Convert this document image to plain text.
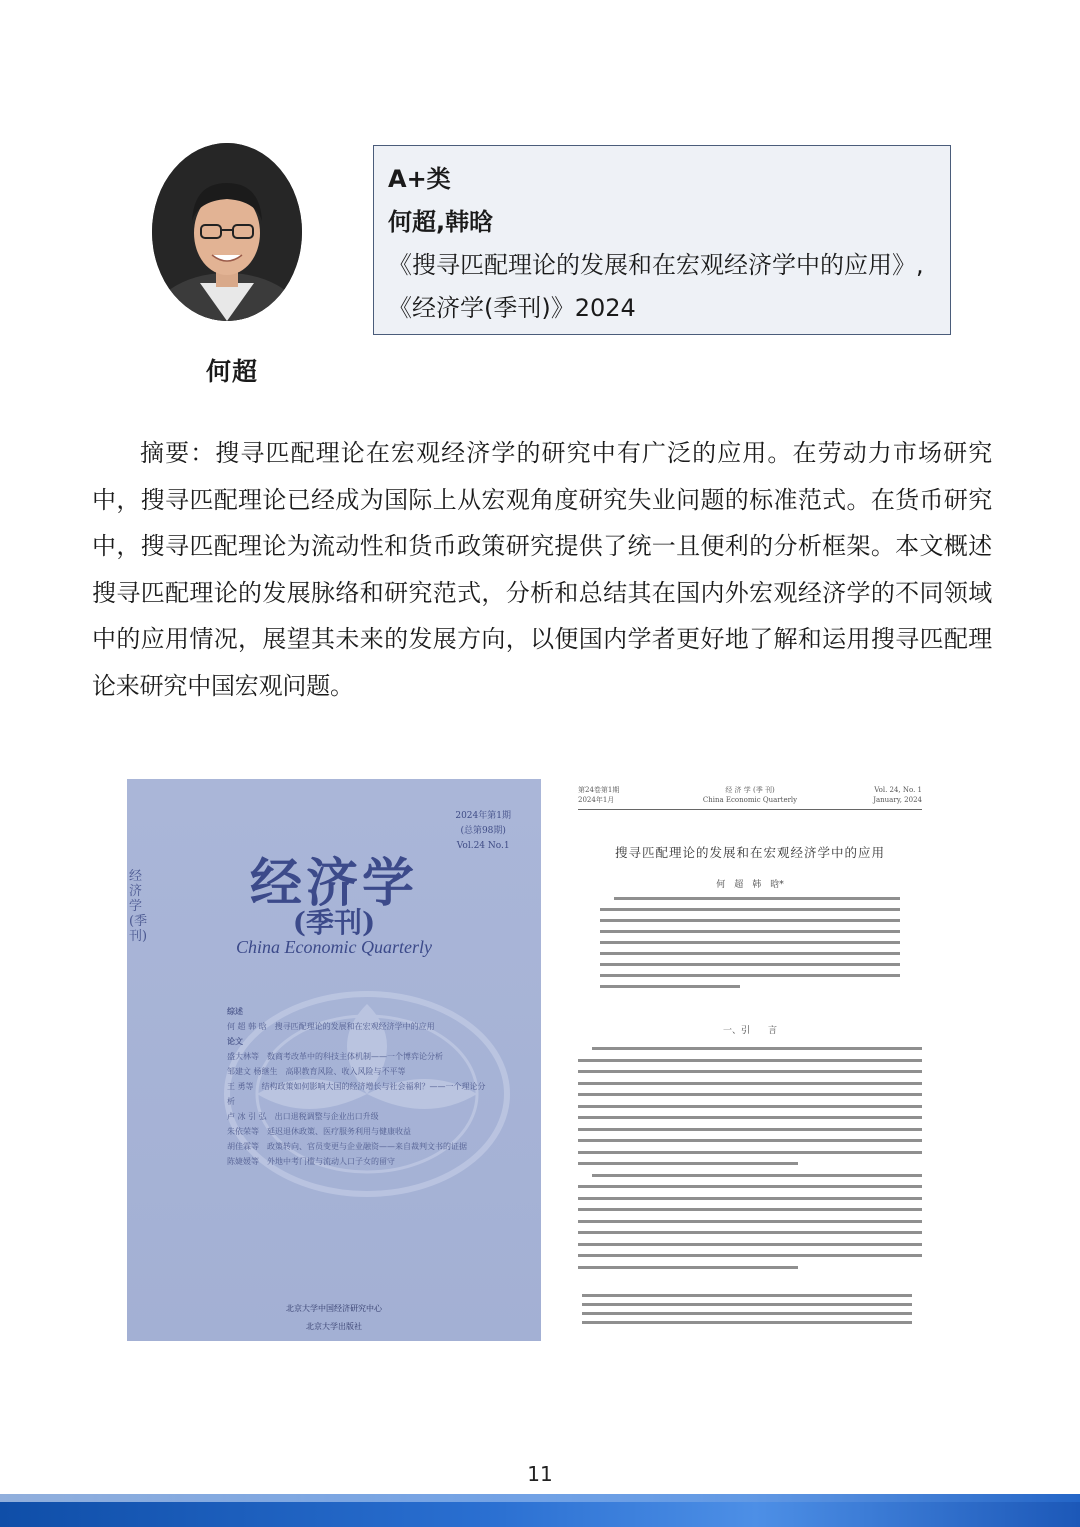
何超
A+类
何超,韩晗
《搜寻匹配理论的发展和在宏观经济学中的应用》,
《经济学(季刊)》2024

摘要：搜寻匹配理论在宏观经济学的研究中有广泛的应用。在劳动力市场研究中，搜寻匹配理论已经成为国际上从宏观角度研究失业问题的标准范式。在货币研究中，搜寻匹配理论为流动性和货币政策研究提供了统一且便利的分析框架。本文概述搜寻匹配理论的发展脉络和研究范式，分析和总结其在国内外宏观经济学的不同领域中的应用情况，展望其未来的发展方向，以便国内学者更好地了解和运用搜寻匹配理论来研究中国宏观问题。

经济学(季刊)
2024年第1期
(总第98期)
Vol.24 No.1
经济学
(季刊)
China Economic Quarterly
综述
何 超 韩 晗　搜寻匹配理论的发展和在宏观经济学中的应用
论文
盛大林等　数商考改革中的科技主体机制——一个博弈论分析
邹建文 杨继生　高职教育风险、收入风险与不平等
王 勇等　结构政策如何影响大国的经济增长与社会福利？——一个理论分析
卢 冰 引 弘　出口退税调整与企业出口升级
朱依荣等　延迟退休政策、医疗服务利用与健康收益
胡佳霖等　政策转向、官员变更与企业融资——来自裁判文书的证据
陈婕媛等　外地中考门槛与流动人口子女的留守
北京大学中国经济研究中心
北京大学出版社
第24卷第1期
2024年1月
经 济 学 (季 刊)
China Economic Quarterly
Vol. 24, No. 1
January, 2024
搜寻匹配理论的发展和在宏观经济学中的应用
何　超　韩　晗*
一、引　　言
11
